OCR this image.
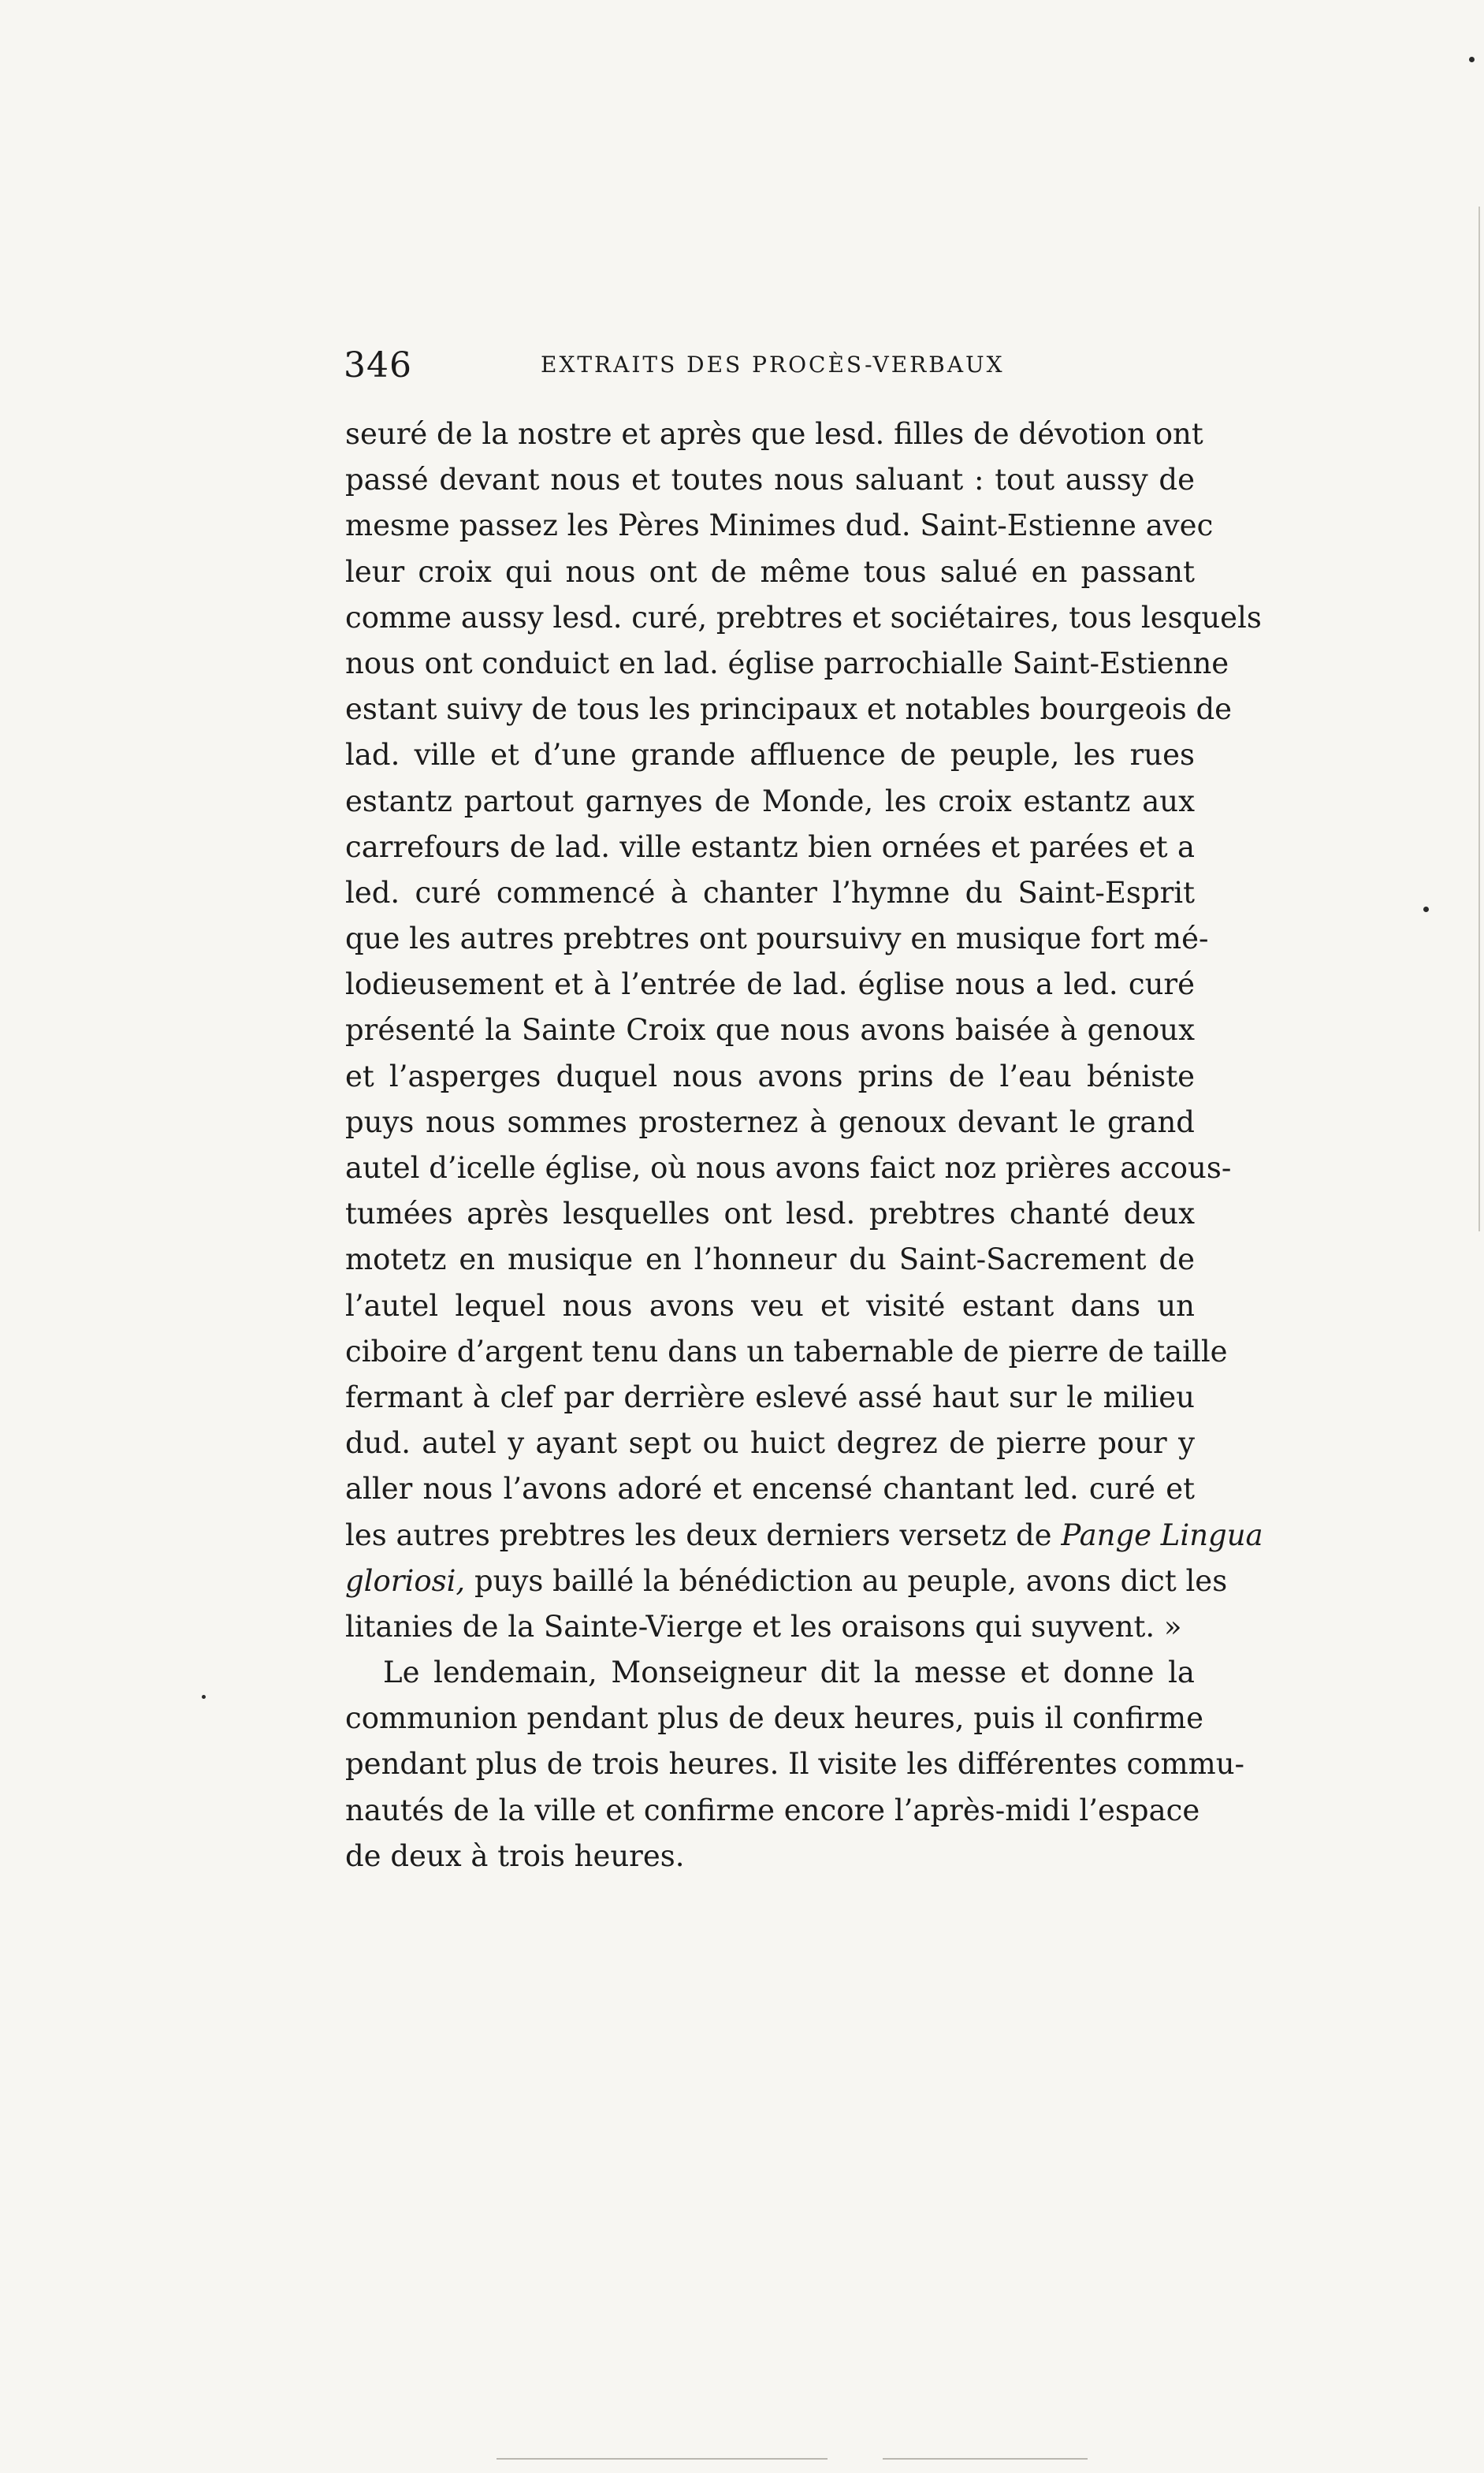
346	EXTRAITS DES PROCÈS-VERBAUX
seuré de la nostre et après que lesd. filles de dévotion ont
passé devant nous et toutes nous saluant : tout aussy de
mesme passez les Pères Minimes dud. Saint-Estienne avec
leur croix qui nous ont de même tous salué en passant
comme aussy lesd. curé, prebtres et sociétaires, tous lesquels
nous ont conduict en lad. église parrochialle Saint-Estienne
estant suivy de tous les principaux et notables bourgeois de
lad. ville et d’une grande affluence de peuple, les rues
estantz partout garnyes de Monde, les croix estantz aux
carrefours de lad. ville estantz bien ornées et parées et a
led. curé commencé à chanter l’hymne du Saint-Esprit
que les autres prebtres ont poursuivy en musique fort mé-
lodieusement et à l’entrée de lad. église nous a led. curé
présenté la Sainte Croix que nous avons baisée à genoux
et l’asperges duquel nous avons prins de l’eau béniste
puys nous sommes prosternez à genoux devant le grand
autel d’icelle église, où nous avons faict noz prières accous-
tumées après lesquelles ont lesd. prebtres chanté deux
motetz en musique en l’honneur du Saint-Sacrement de
l’autel lequel nous avons veu et visité estant dans un
ciboire d’argent tenu dans un tabernable de pierre de taille
fermant à clef par derrière eslevé assé haut sur le milieu
dud. autel y ayant sept ou huict degrez de pierre pour y
aller nous l’avons adoré et encensé chantant led. curé et
les autres prebtres les deux derniers versetz de Pange Lingua
gloriosi, puys baillé la bénédiction au peuple, avons dict les
litanies de la Sainte-Vierge et les oraisons qui suyvent. »
Le lendemain, Monseigneur dit la messe et donne la
communion pendant plus de deux heures, puis il confirme
pendant plus de trois heures. Il visite les différentes commu-
nautés de la ville et confirme encore l’après-midi l’espace
de deux à trois heures.
